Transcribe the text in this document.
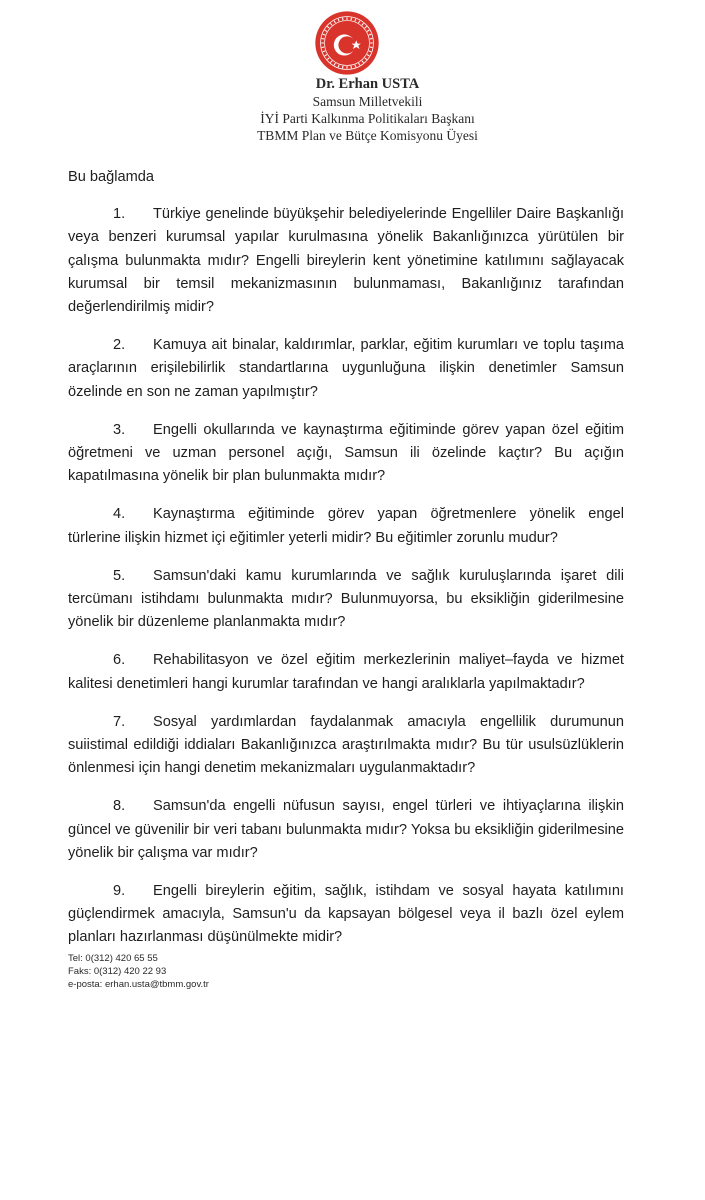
Dr. Erhan USTA
Samsun Milletvekili
İYİ Parti Kalkınma Politikaları Başkanı
TBMM Plan ve Bütçe Komisyonu Üyesi

Bu bağlamda

1. Türkiye genelinde büyükşehir belediyelerinde Engelliler Daire Başkanlığı veya benzeri kurumsal yapılar kurulmasına yönelik Bakanlığınızca yürütülen bir çalışma bulunmakta mıdır? Engelli bireylerin kent yönetimine katılımını sağlayacak kurumsal bir temsil mekanizmasının bulunmaması, Bakanlığınız tarafından değerlendirilmiş midir?

2. Kamuya ait binalar, kaldırımlar, parklar, eğitim kurumları ve toplu taşıma araçlarının erişilebilirlik standartlarına uygunluğuna ilişkin denetimler Samsun özelinde en son ne zaman yapılmıştır?

3. Engelli okullarında ve kaynaştırma eğitiminde görev yapan özel eğitim öğretmeni ve uzman personel açığı, Samsun ili özelinde kaçtır? Bu açığın kapatılmasına yönelik bir plan bulunmakta mıdır?

4. Kaynaştırma eğitiminde görev yapan öğretmenlere yönelik engel türlerine ilişkin hizmet içi eğitimler yeterli midir? Bu eğitimler zorunlu mudur?

5. Samsun'daki kamu kurumlarında ve sağlık kuruluşlarında işaret dili tercümanı istihdamı bulunmakta mıdır? Bulunmuyorsa, bu eksikliğin giderilmesine yönelik bir düzenleme planlanmakta mıdır?

6. Rehabilitasyon ve özel eğitim merkezlerinin maliyet–fayda ve hizmet kalitesi denetimleri hangi kurumlar tarafından ve hangi aralıklarla yapılmaktadır?

7. Sosyal yardımlardan faydalanmak amacıyla engellilik durumunun suiistimal edildiği iddiaları Bakanlığınızca araştırılmakta mıdır? Bu tür usulsüzlüklerin önlenmesi için hangi denetim mekanizmaları uygulanmaktadır?

8. Samsun'da engelli nüfusun sayısı, engel türleri ve ihtiyaçlarına ilişkin güncel ve güvenilir bir veri tabanı bulunmakta mıdır? Yoksa bu eksikliğin giderilmesine yönelik bir çalışma var mıdır?

9. Engelli bireylerin eğitim, sağlık, istihdam ve sosyal hayata katılımını güçlendirmek amacıyla, Samsun'u da kapsayan bölgesel veya il bazlı özel eylem planları hazırlanması düşünülmekte midir?

Tel: 0(312) 420 65 55
Faks: 0(312) 420 22 93
e-posta: erhan.usta@tbmm.gov.tr
